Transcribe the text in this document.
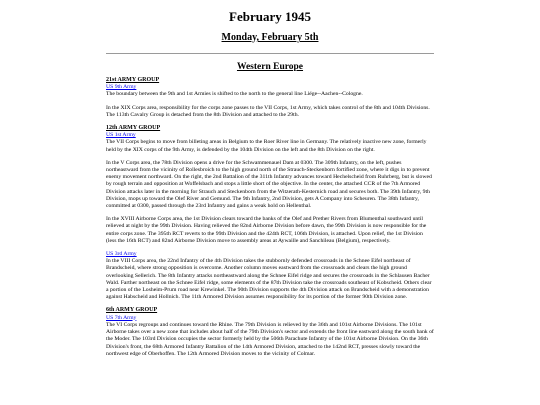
February 1945
Monday, February 5th
Western Europe
21st ARMY GROUP
US 9th Army

The boundary between the 9th and 1st Armies is shifted to the north to the general line Liége--Aachen--Cologne.

In the XIX Corps area, responsibility for the corps zone passes to the VII Corps, 1st Army, which takes control of the 8th and 104th Divisions. The 113th Cavalry Group is detached from the 8th Division and attached to the 29th.

12th ARMY GROUP
US 1st Army

The VII Corps begins to move from billeting areas in Belgium to the Roer River line in Germany. The relatively inactive new zone, formerly held by the XIX corps of the 9th Army, is defended by the 104th Division on the left and the 8th Division on the right.

In the V Corps area, the 78th Division opens a drive for the Schwammenauel Dam at 0300. The 309th Infantry, on the left, pushes northeastward from the vicinity of Rollesbroich to the high ground north of the Strauch-Steckenborn fortified zone, where it digs in to prevent enemy movement northward. On the right, the 2nd Battalion of the 311th Infantry advances toward Hechelscheid from Ruhrberg, but is slowed by rough terrain and opposition at Woffelsbach and stops a little short of the objective. In the center, the attached CCR of the 7th Armored Division attacks later in the morning for Strauch and Steckenborn from the Witzerath-Kesternich road and secures both. The 39th Infantry, 9th Division, mops up toward the Olef River and Gemund. The 9th Infantry, 2nd Division, gets A Company into Scheuren. The 38th Infantry, committed at 0300, passed through the 23rd Infantry and gains a weak hold on Hellenthal.

In the XVIII Airborne Corps area, the 1st Division clears toward the banks of the Olef and Prether Rivers from Blumenthal southward until relieved at night by the 99th Division. Having relieved the 82nd Airborne Division before dawn, the 99th Division is now responsible for the entire corps zone. The 395th RCT reverts to the 99th Division and the 424th RCT, 106th Division, is attached. Upon relief, the 1st Division (less the 16th RCT) and 82nd Airborne Division move to assembly areas at Aywaille and Sanchileau (Belgium), respectively.

US 3rd Army

In the VIII Corps area, the 22nd Infantry of the 4th Division takes the stubbornly defended crossroads in the Schnee Eifel northeast of Brandscheid, where strong opposition is overcome. Another column moves eastward from the crossroads and clears the high ground overlooking Sellerich. The 8th Infantry attacks northeastward along the Schnee Eifel ridge and secures the crossroads in the Schlausen Bacher Wald. Farther northeast on the Schnee Eifel ridge, some elements of the 87th Division take the crossroads southeast of Kobscheid. Others clear a portion of the Losheim-Prum road near Krewinkel. The 90th Division supports the 4th Division attack on Brandscheid with a demonstration against Habscheid and Hollnich. The 11th Armored Division assumes responsibility for its portion of the former 90th Division zone.

6th ARMY GROUP
US 7th Army

The VI Corps regroups and continues toward the Rhine. The 79th Division is relieved by the 36th and 101st Airborne Divisions. The 101st Airborne takes over a new zone that includes about half of the 79th Division's sector and extends the front line eastward along the south bank of the Moder. The 103rd Division occupies the sector formerly held by the 506th Parachute Infantry of the 101st Airborne Division. On the 36th Division's front, the 68th Armored Infantry Battalion of the 14th Armored Division, attached to the 142nd RCT, presses slowly toward the northwest edge of Oberhoffen. The 12th Armored Division moves to the vicinity of Colmar.
